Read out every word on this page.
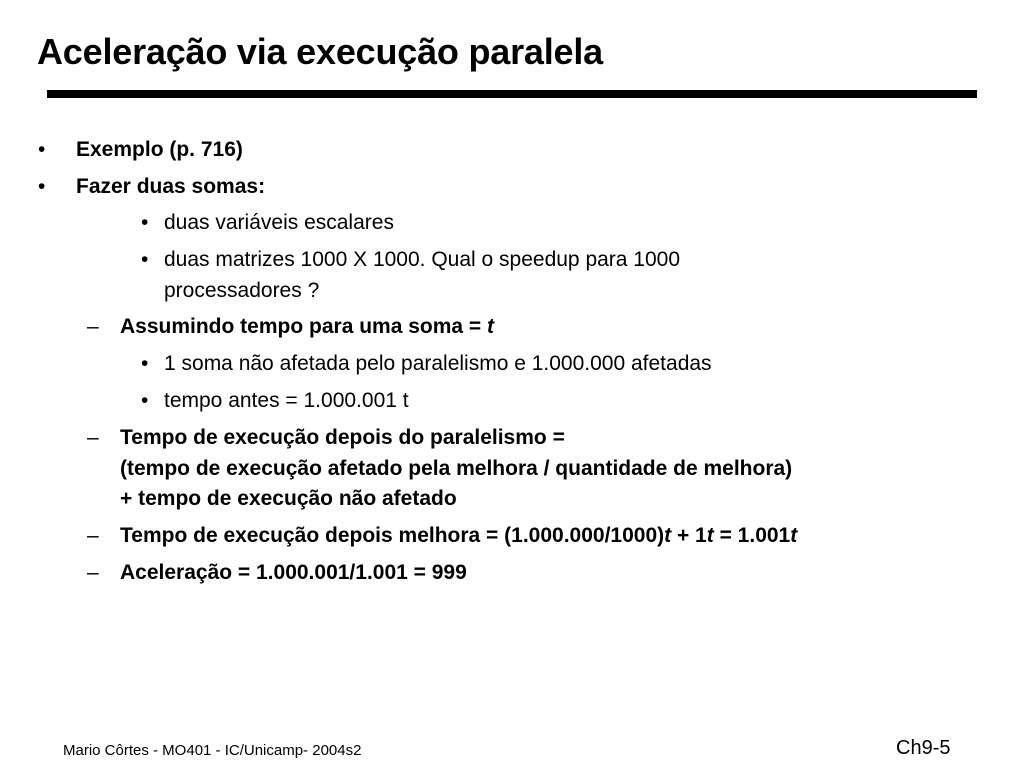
Aceleração via execução paralela
• Exemplo (p. 716)
• Fazer duas somas:
• duas variáveis escalares
• duas matrizes 1000 X 1000. Qual o speedup para 1000
processadores ?
– Assumindo tempo para uma soma = t
• 1 soma não afetada pelo paralelismo e 1.000.000 afetadas
• tempo antes = 1.000.001 t
– Tempo de execução depois do paralelismo =
(tempo de execução afetado pela melhora / quantidade de melhora)
+ tempo de execução não afetado
– Tempo de execução depois melhora = (1.000.000/1000)t + 1t = 1.001t
– Aceleração = 1.000.001/1.001 = 999
Mario Côrtes - MO401 - IC/Unicamp- 2004s2	Ch9-5
